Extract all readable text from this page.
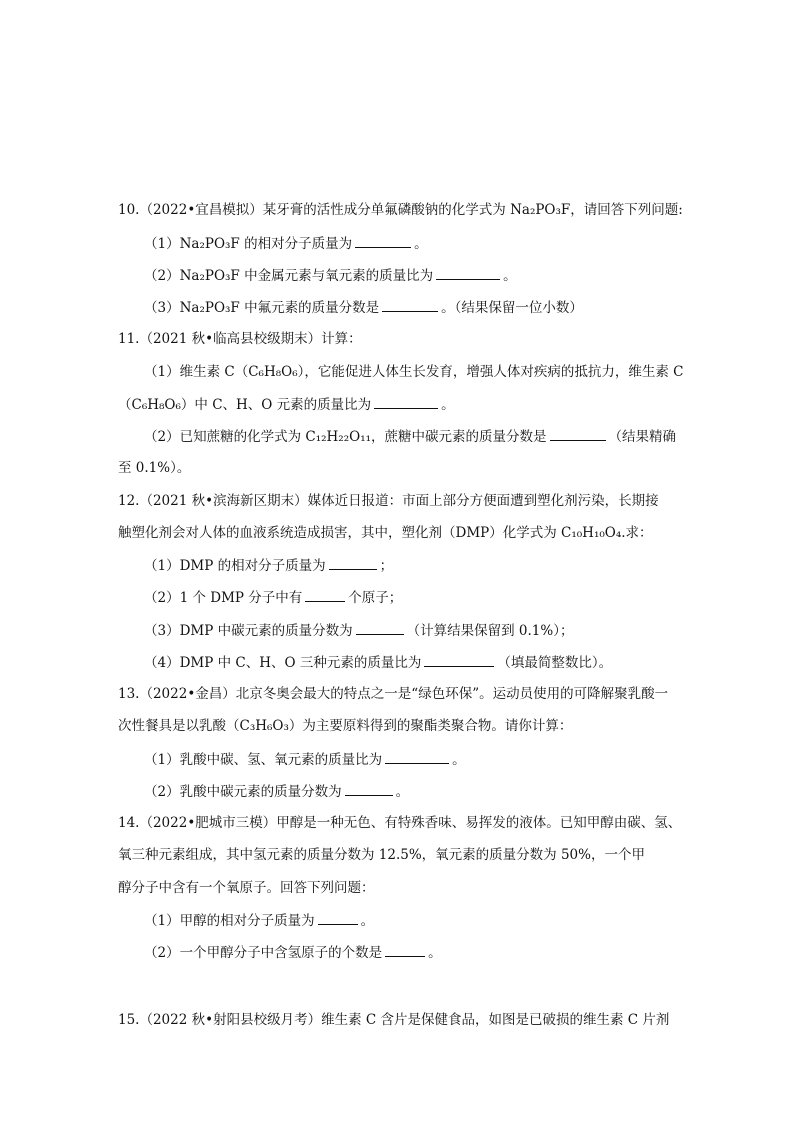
10.（2022•宜昌模拟）某牙膏的活性成分单氟磷酸钠的化学式为 Na₂PO₃F，请回答下列问题:
（1）Na₂PO₃F 的相对分子质量为	。
（2）Na₂PO₃F 中金属元素与氧元素的质量比为	。
（3）Na₂PO₃F 中氟元素的质量分数是	。（结果保留一位小数）
11.（2021 秋•临高县校级期末）计算：
（1）维生素 C（C₆H₈O₆），它能促进人体生长发育，增强人体对疾病的抵抗力，维生素 C
（C₆H₈O₆）中 C、H、O 元素的质量比为	。
（2）已知蔗糖的化学式为 C₁₂H₂₂O₁₁，蔗糖中碳元素的质量分数是	（结果精确
至 0.1%）。
12.（2021 秋•滨海新区期末）媒体近日报道：市面上部分方便面遭到塑化剂污染，长期接
触塑化剂会对人体的血液系统造成损害，其中，塑化剂（DMP）化学式为 C₁₀H₁₀O₄.求：
（1）DMP 的相对分子质量为	；
（2）1 个 DMP 分子中有	个原子；
（3）DMP 中碳元素的质量分数为	（计算结果保留到 0.1%）；
（4）DMP 中 C、H、O 三种元素的质量比为	（填最简整数比）。
13.（2022•金昌）北京冬奥会最大的特点之一是“绿色环保”。运动员使用的可降解聚乳酸一
次性餐具是以乳酸（C₃H₆O₃）为主要原料得到的聚酯类聚合物。请你计算：
（1）乳酸中碳、氢、氧元素的质量比为	。
（2）乳酸中碳元素的质量分数为	。
14.（2022•肥城市三模）甲醇是一种无色、有特殊香味、易挥发的液体。已知甲醇由碳、氢、
氧三种元素组成，其中氢元素的质量分数为 12.5%，氧元素的质量分数为 50%，一个甲
醇分子中含有一个氧原子。回答下列问题：
（1）甲醇的相对分子质量为	。
（2）一个甲醇分子中含氢原子的个数是	。
15.（2022 秋•射阳县校级月考）维生素 C 含片是保健食品，如图是已破损的维生素 C 片剂
